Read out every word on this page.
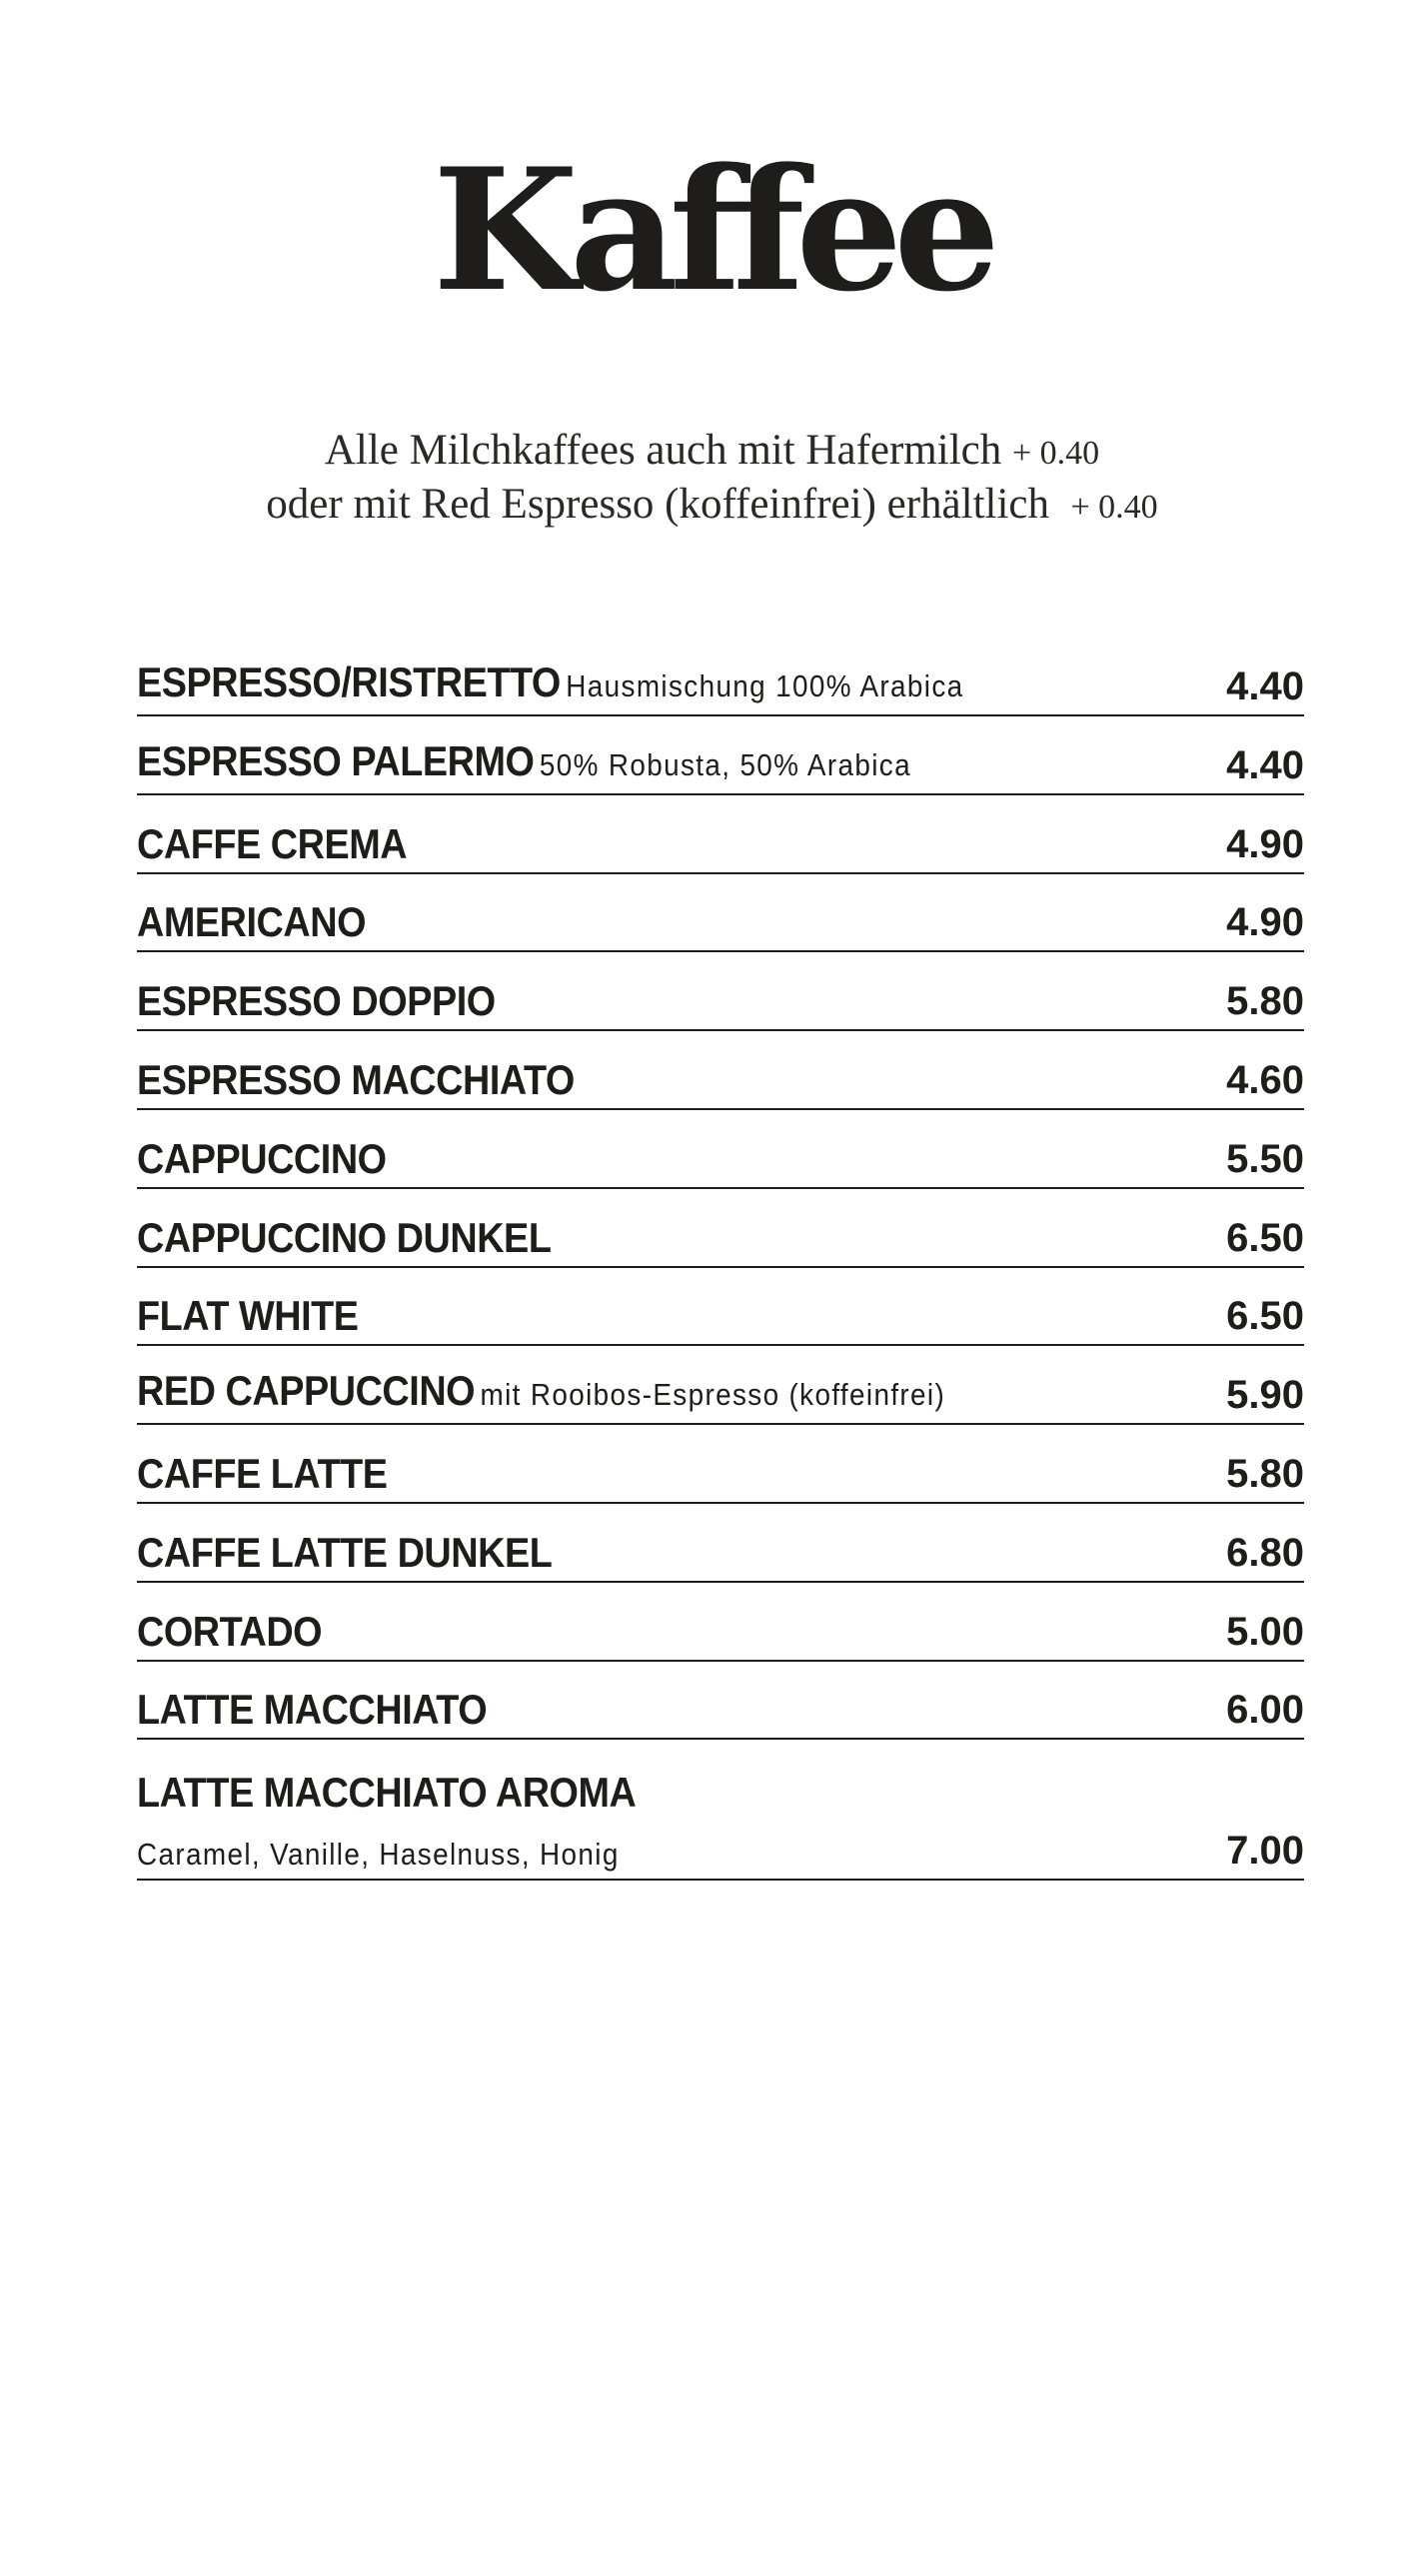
Kaffee
Alle Milchkaffees auch mit Hafermilch + 0.40
oder mit Red Espresso (koffeinfrei) erhältlich + 0.40
ESPRESSO/RISTRETTO Hausmischung 100% Arabica	4.40
ESPRESSO PALERMO 50% Robusta, 50% Arabica	4.40
CAFFE CREMA	4.90
AMERICANO	4.90
ESPRESSO DOPPIO	5.80
ESPRESSO MACCHIATO	4.60
CAPPUCCINO	5.50
CAPPUCCINO DUNKEL	6.50
FLAT WHITE	6.50
RED CAPPUCCINO mit Rooibos-Espresso (koffeinfrei)	5.90
CAFFE LATTE	5.80
CAFFE LATTE DUNKEL	6.80
CORTADO	5.00
LATTE MACCHIATO	6.00
LATTE MACCHIATO AROMA
Caramel, Vanille, Haselnuss, Honig	7.00
